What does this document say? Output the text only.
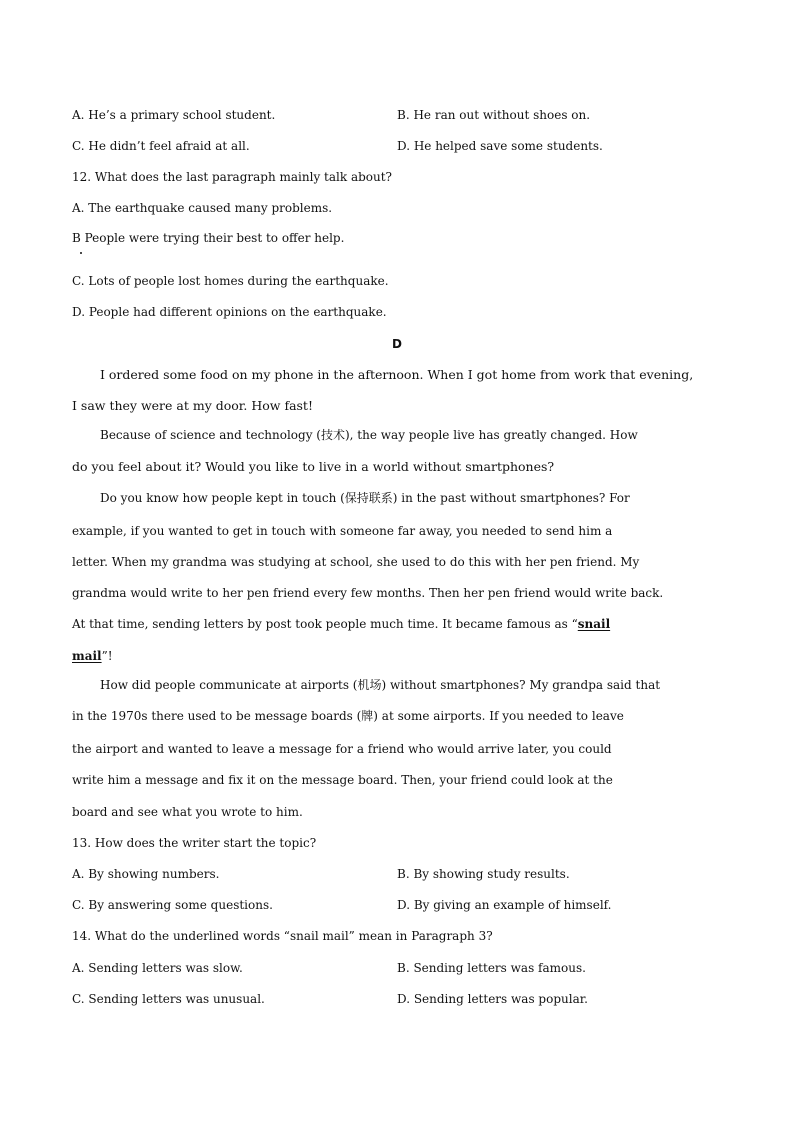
A. He’s a primary school student.	B. He ran out without shoes on.
C. He didn’t feel afraid at all.	D. He helped save some students.
12. What does the last paragraph mainly talk about?
A. The earthquake caused many problems.
B People were trying their best to offer help.
C. Lots of people lost homes during the earthquake.
D. People had different opinions on the earthquake.
D
I ordered some food on my phone in the afternoon. When I got home from work that evening,
I saw they were at my door. How fast!
Because of science and technology (技术), the way people live has greatly changed. How
do you feel about it? Would you like to live in a world without smartphones?
Do you know how people kept in touch (保持联系) in the past without smartphones? For
example, if you wanted to get in touch with someone far away, you needed to send him a
letter. When my grandma was studying at school, she used to do this with her pen friend. My
grandma would write to her pen friend every few months. Then her pen friend would write back.
At that time, sending letters by post took people much time. It became famous as “snail
mail”!
How did people communicate at airports (机场) without smartphones? My grandpa said that
in the 1970s there used to be message boards (牌) at some airports. If you needed to leave
the airport and wanted to leave a message for a friend who would arrive later, you could
write him a message and fix it on the message board. Then, your friend could look at the
board and see what you wrote to him.
13. How does the writer start the topic?
A. By showing numbers.	B. By showing study results.
C. By answering some questions.	D. By giving an example of himself.
14. What do the underlined words “snail mail” mean in Paragraph 3?
A. Sending letters was slow.	B. Sending letters was famous.
C. Sending letters was unusual.	D. Sending letters was popular.
